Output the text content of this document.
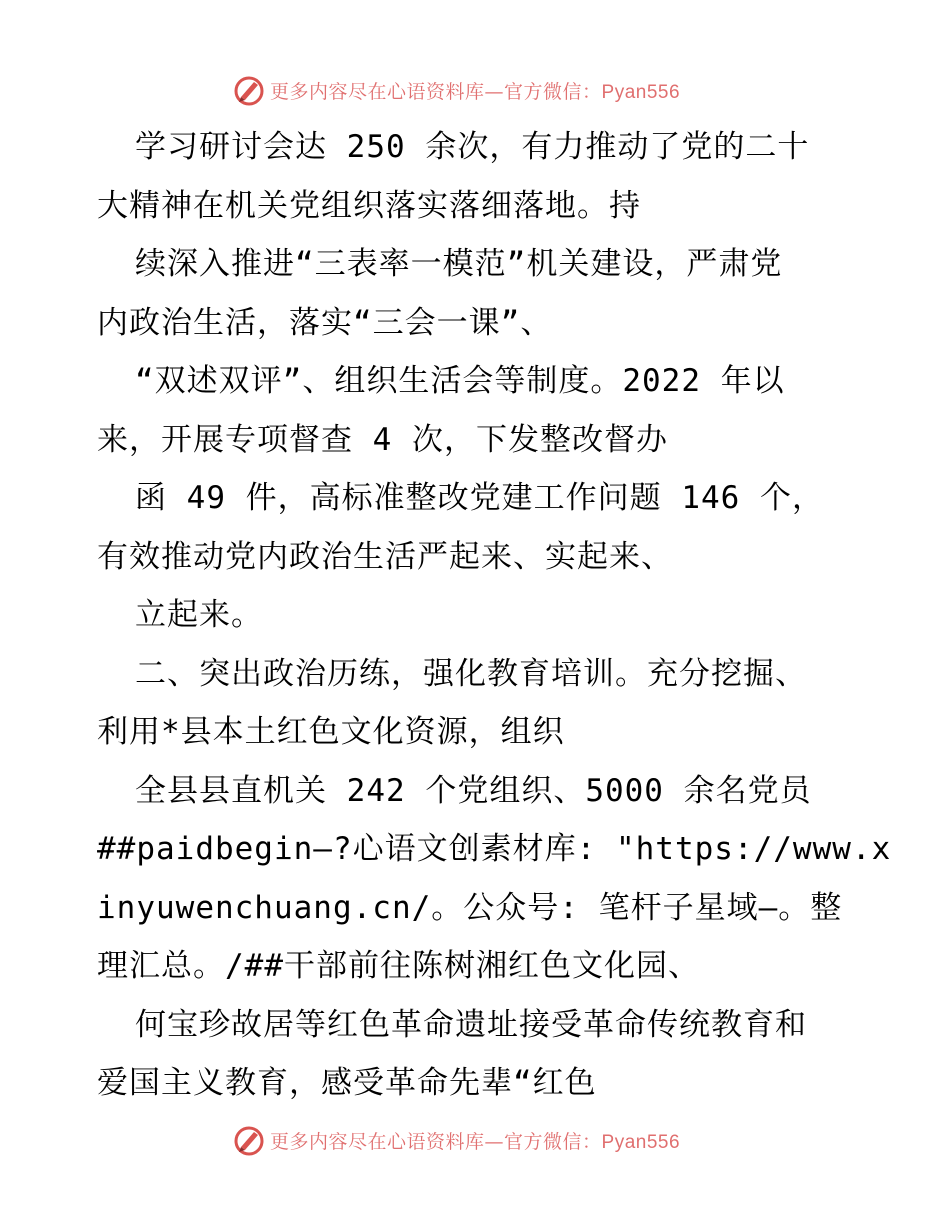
更多内容尽在心语资料库—官方微信：Pyan556
学习研讨会达 250 余次，有力推动了党的二十
大精神在机关党组织落实落细落地。持
续深入推进“三表率一模范”机关建设，严肃党
内政治生活，落实“三会一课”、
“双述双评”、组织生活会等制度。2022 年以
来，开展专项督查 4 次，下发整改督办
函 49 件，高标准整改党建工作问题 146 个，
有效推动党内政治生活严起来、实起来、
立起来。
二、突出政治历练，强化教育培训。充分挖掘、
利用*县本土红色文化资源，组织
全县县直机关 242 个党组织、5000 余名党员
##paidbegin—?心语文创素材库: "https://www.x
inyuwenchuang.cn/。公众号: 笔杆子星域—。整
理汇总。/##干部前往陈树湘红色文化园、
何宝珍故居等红色革命遗址接受革命传统教育和
爱国主义教育，感受革命先辈“红色
更多内容尽在心语资料库—官方微信：Pyan556
